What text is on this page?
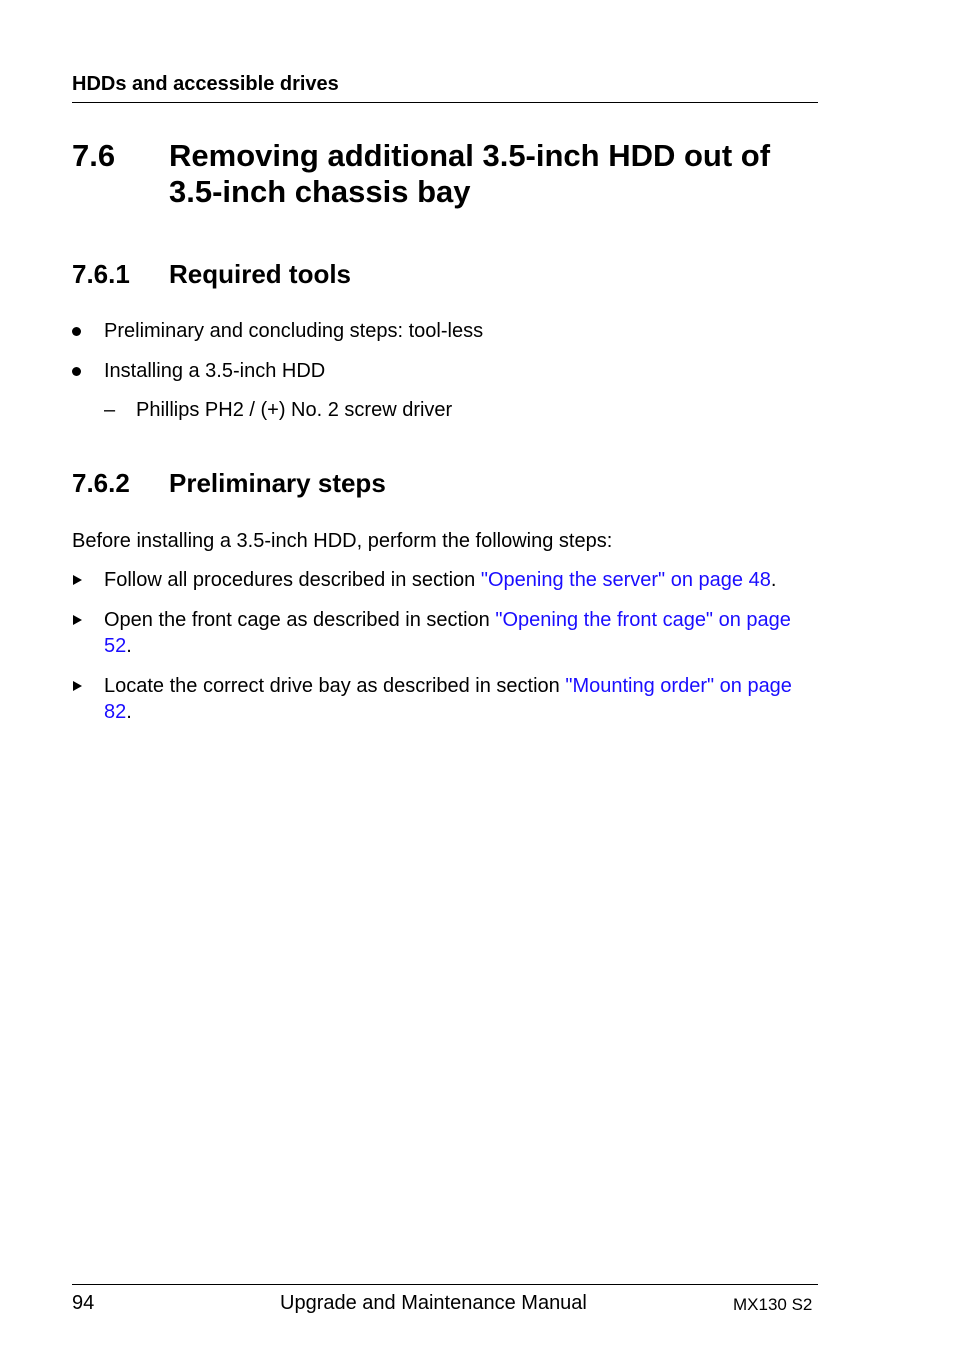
HDDs and accessible drives
7.6 Removing additional 3.5-inch HDD out of 3.5-inch chassis bay
7.6.1 Required tools
Preliminary and concluding steps: tool-less
Installing a 3.5-inch HDD
– Phillips PH2 / (+) No. 2 screw driver
7.6.2 Preliminary steps
Before installing a 3.5-inch HDD, perform the following steps:
Follow all procedures described in section "Opening the server" on page 48.
Open the front cage as described in section "Opening the front cage" on page 52.
Locate the correct drive bay as described in section "Mounting order" on page 82.
94	Upgrade and Maintenance Manual	MX130 S2
